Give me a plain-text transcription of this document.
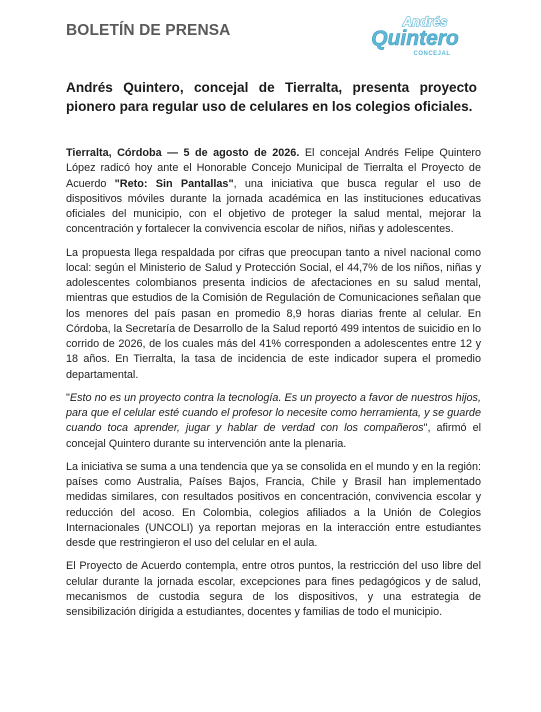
BOLETÍN DE PRENSA
Andrés
Quintero
CONCEJAL
Andrés Quintero, concejal de Tierralta, presenta proyecto pionero para regular uso de celulares en los colegios oficiales.

Tierralta, Córdoba — 5 de agosto de 2026. El concejal Andrés Felipe Quintero López radicó hoy ante el Honorable Concejo Municipal de Tierralta el Proyecto de Acuerdo "Reto: Sin Pantallas", una iniciativa que busca regular el uso de dispositivos móviles durante la jornada académica en las instituciones educativas oficiales del municipio, con el objetivo de proteger la salud mental, mejorar la concentración y fortalecer la convivencia escolar de niños, niñas y adolescentes.

La propuesta llega respaldada por cifras que preocupan tanto a nivel nacional como local: según el Ministerio de Salud y Protección Social, el 44,7% de los niños, niñas y adolescentes colombianos presenta indicios de afectaciones en su salud mental, mientras que estudios de la Comisión de Regulación de Comunicaciones señalan que los menores del país pasan en promedio 8,9 horas diarias frente al celular. En Córdoba, la Secretaría de Desarrollo de la Salud reportó 499 intentos de suicidio en lo corrido de 2026, de los cuales más del 41% corresponden a adolescentes entre 12 y 18 años. En Tierralta, la tasa de incidencia de este indicador supera el promedio departamental.

"Esto no es un proyecto contra la tecnología. Es un proyecto a favor de nuestros hijos, para que el celular esté cuando el profesor lo necesite como herramienta, y se guarde cuando toca aprender, jugar y hablar de verdad con los compañeros", afirmó el concejal Quintero durante su intervención ante la plenaria.

La iniciativa se suma a una tendencia que ya se consolida en el mundo y en la región: países como Australia, Países Bajos, Francia, Chile y Brasil han implementado medidas similares, con resultados positivos en concentración, convivencia escolar y reducción del acoso. En Colombia, colegios afiliados a la Unión de Colegios Internacionales (UNCOLI) ya reportan mejoras en la interacción entre estudiantes desde que restringieron el uso del celular en el aula.

El Proyecto de Acuerdo contempla, entre otros puntos, la restricción del uso libre del celular durante la jornada escolar, excepciones para fines pedagógicos y de salud, mecanismos de custodia segura de los dispositivos, y una estrategia de sensibilización dirigida a estudiantes, docentes y familias de todo el municipio.
